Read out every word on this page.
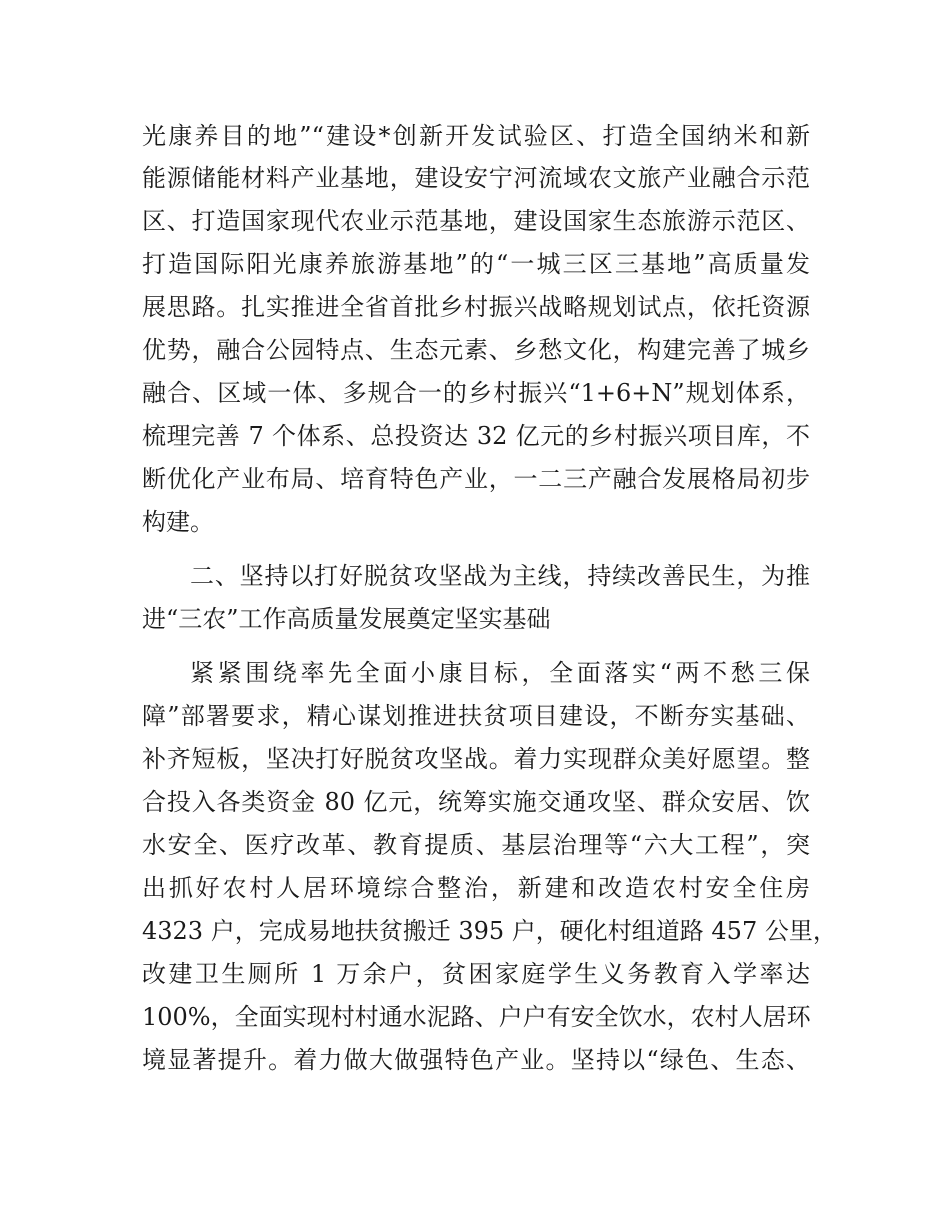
光康养目的地”“建设*创新开发试验区、打造全国纳米和新
能源储能材料产业基地，建设安宁河流域农文旅产业融合示范
区、打造国家现代农业示范基地，建设国家生态旅游示范区、
打造国际阳光康养旅游基地”的“一城三区三基地”高质量发
展思路。扎实推进全省首批乡村振兴战略规划试点，依托资源
优势，融合公园特点、生态元素、乡愁文化，构建完善了城乡
融合、区域一体、多规合一的乡村振兴“1+6+N”规划体系，
梳理完善 7 个体系、总投资达 32 亿元的乡村振兴项目库，不
断优化产业布局、培育特色产业，一二三产融合发展格局初步
构建。
二、坚持以打好脱贫攻坚战为主线，持续改善民生，为推
进“三农”工作高质量发展奠定坚实基础
紧紧围绕率先全面小康目标，全面落实“两不愁三保
障”部署要求，精心谋划推进扶贫项目建设，不断夯实基础、
补齐短板，坚决打好脱贫攻坚战。着力实现群众美好愿望。整
合投入各类资金 80 亿元，统筹实施交通攻坚、群众安居、饮
水安全、医疗改革、教育提质、基层治理等“六大工程”，突
出抓好农村人居环境综合整治，新建和改造农村安全住房
4323 户，完成易地扶贫搬迁 395 户，硬化村组道路 457 公里，
改建卫生厕所 1 万余户，贫困家庭学生义务教育入学率达
100%，全面实现村村通水泥路、户户有安全饮水，农村人居环
境显著提升。着力做大做强特色产业。坚持以“绿色、生态、
